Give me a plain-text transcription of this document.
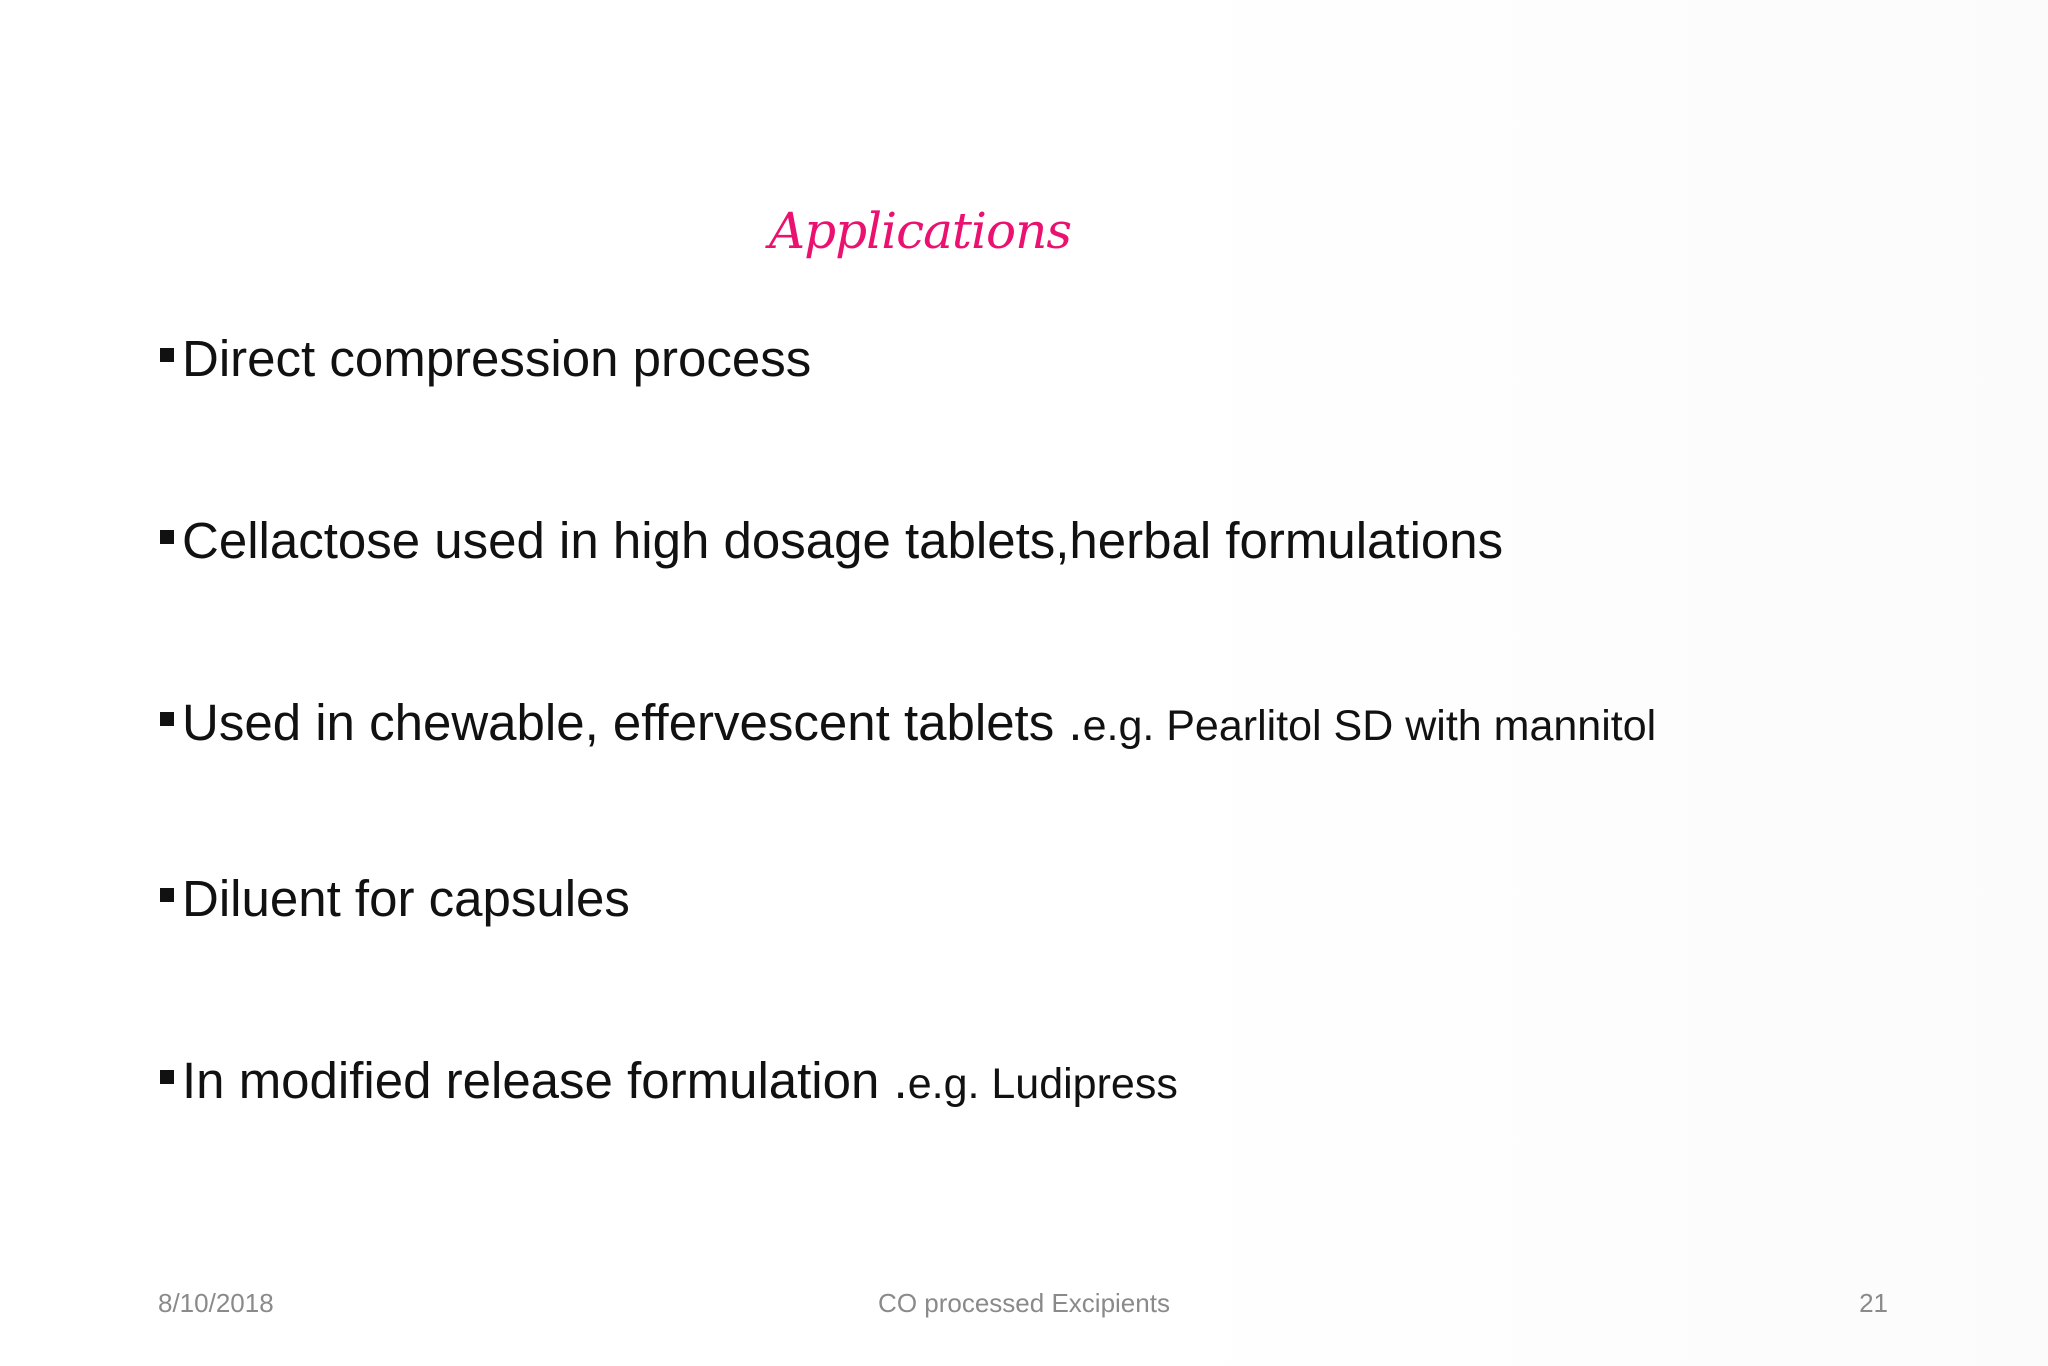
Applications
Direct compression process
Cellactose used in high dosage tablets,herbal formulations
Used in chewable, effervescent tablets .e.g. Pearlitol SD with mannitol
Diluent for capsules
In modified release formulation .e.g. Ludipress
8/10/2018	CO processed Excipients	21
